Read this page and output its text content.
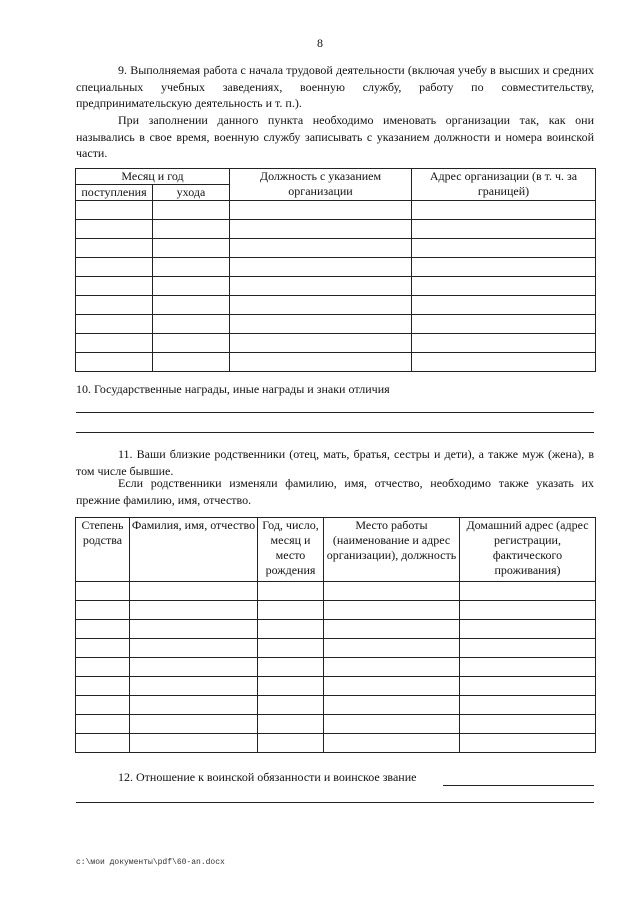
8
9. Выполняемая работа с начала трудовой деятельности (включая учебу в высших и средних специальных учебных заведениях, военную службу, работу по совместительству, предпринимательскую деятельность и т. п.).
При заполнении данного пункта необходимо именовать организации так, как они назывались в свое время, военную службу записывать с указанием должности и номера воинской части.
Месяц и год		Должность с указанием организации	Адрес организации (в т. ч. за границей)
поступления	ухода		

10. Государственные награды, иные награды и знаки отличия
11. Ваши близкие родственники (отец, мать, братья, сестры и дети), а также муж (жена), в том числе бывшие.
Если родственники изменяли фамилию, имя, отчество, необходимо также указать их прежние фамилию, имя, отчество.
Степень родства	Фамилия, имя, отчество	Год, число, месяц и место рождения	Место работы (наименование и адрес организации), должность	Домашний адрес (адрес регистрации, фактического проживания)

12. Отношение к воинской обязанности и воинское звание
c:\мои документы\pdf\60-an.docx
